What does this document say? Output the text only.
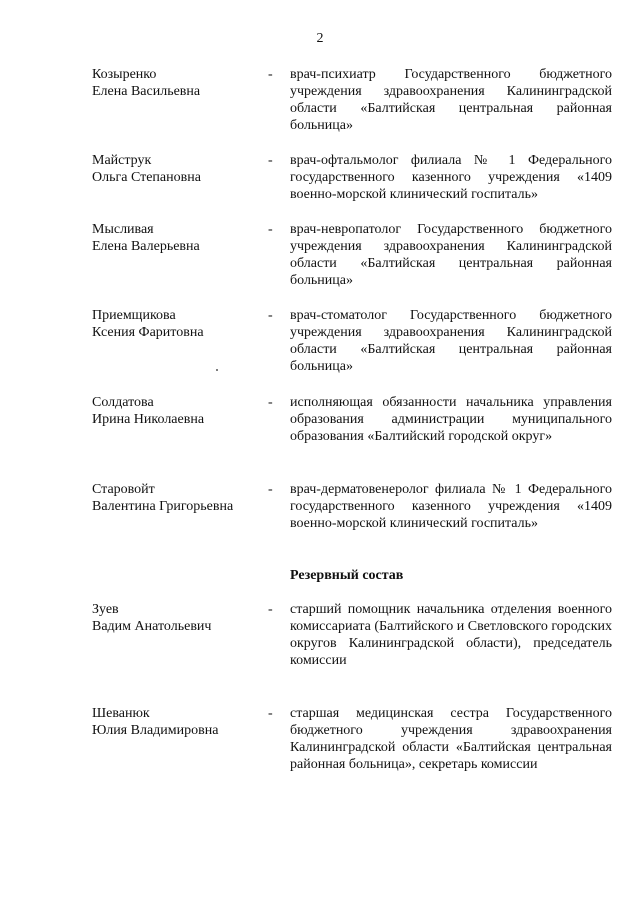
2
Козыренко
Елена Васильевна
- врач-психиатр Государственного бюджетного учреждения здравоохранения Калининградской области «Балтийская центральная районная больница»
Майструк
Ольга Степановна
- врач-офтальмолог филиала № 1 Федерального государственного казенного учреждения «1409 военно-морской клинический госпиталь»
Мысливая
Елена Валерьевна
- врач-невропатолог Государственного бюджетного учреждения здравоохранения Калининградской области «Балтийская центральная районная больница»
Приемщикова
Ксения Фаритовна
- врач-стоматолог Государственного бюджетного учреждения здравоохранения Калининградской области «Балтийская центральная районная больница»
Солдатова
Ирина Николаевна
- исполняющая обязанности начальника управления образования администрации муниципального образования «Балтийский городской округ»
Старовойт
Валентина Григорьевна
- врач-дерматовенеролог филиала № 1 Федерального государственного казенного учреждения «1409 военно-морской клинический госпиталь»
Резервный состав
Зуев
Вадим Анатольевич
- старший помощник начальника отделения военного комиссариата (Балтийского и Светловского городских округов Калининградской области), председатель комиссии
Шеванюк
Юлия Владимировна
- старшая медицинская сестра Государственного бюджетного учреждения здравоохранения Калининградской области «Балтийская центральная районная больница», секретарь комиссии
